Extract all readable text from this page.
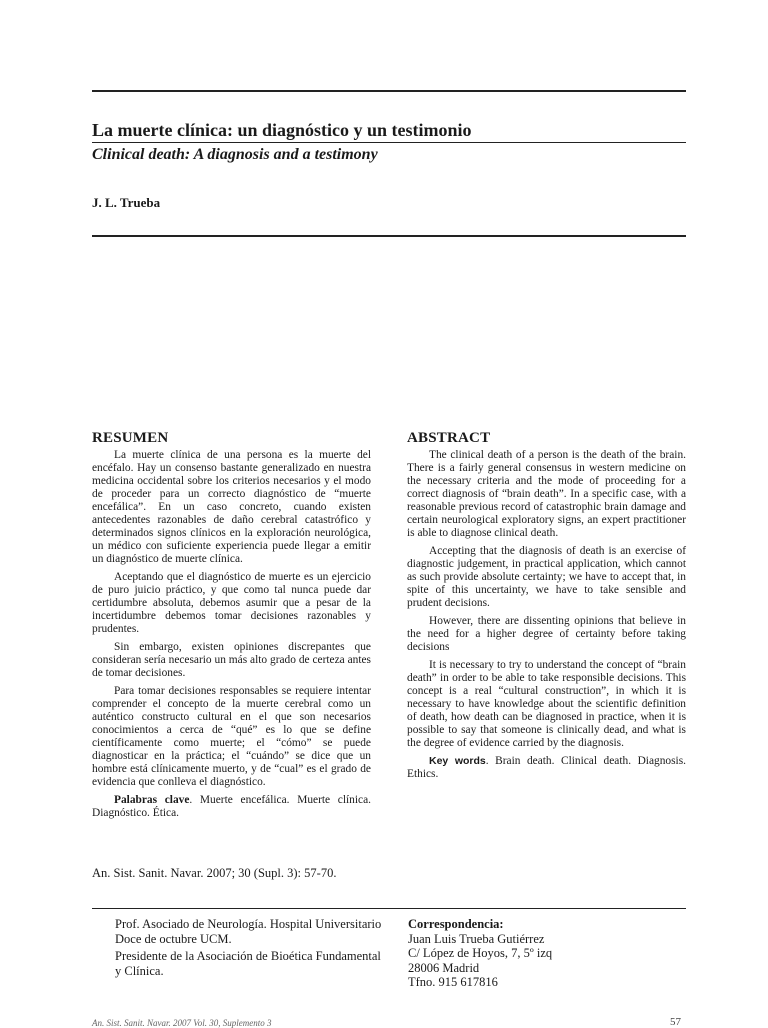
La muerte clínica: un diagnóstico y un testimonio
Clinical death: A diagnosis and a testimony
J. L. Trueba
RESUMEN

La muerte clínica de una persona es la muerte del encéfalo. Hay un consenso bastante generalizado en nuestra medicina occidental sobre los criterios necesarios y el modo de proceder para un correcto diagnóstico de “muerte encefálica”. En un caso concreto, cuando existen antecedentes razonables de daño cerebral catastrófico y determinados signos clínicos en la exploración neurológica, un médico con suficiente experiencia puede llegar a emitir un diagnóstico de muerte clínica.

Aceptando que el diagnóstico de muerte es un ejercicio de puro juicio práctico, y que como tal nunca puede dar certidumbre absoluta, debemos asumir que a pesar de la incertidumbre debemos tomar decisiones razonables y prudentes.

Sin embargo, existen opiniones discrepantes que consideran sería necesario un más alto grado de certeza antes de tomar decisiones.

Para tomar decisiones responsables se requiere intentar comprender el concepto de la muerte cerebral como un auténtico constructo cultural en el que son necesarios conocimientos a cerca de “qué” es lo que se define científicamente como muerte; el “cómo” se puede diagnosticar en la práctica; el “cuándo” se dice que un hombre está clínicamente muerto, y de “cual” es el grado de evidencia que conlleva el diagnóstico.

Palabras clave. Muerte encefálica. Muerte clínica. Diagnóstico. Ética.

ABSTRACT

The clinical death of a person is the death of the brain. There is a fairly general consensus in western medicine on the necessary criteria and the mode of proceeding for a correct diagnosis of “brain death”. In a specific case, with a reasonable previous record of catastrophic brain damage and certain neurological exploratory signs, an expert practitioner is able to diagnose clinical death.

Accepting that the diagnosis of death is an exercise of diagnostic judgement, in practical application, which cannot as such provide absolute certainty; we have to accept that, in spite of this uncertainty, we have to take sensible and prudent decisions.

However, there are dissenting opinions that believe in the need for a higher degree of certainty before taking decisions

It is necessary to try to understand the concept of “brain death” in order to be able to take responsible decisions. This concept is a real “cultural construction”, in which it is necessary to have knowledge about the scientific definition of death, how death can be diagnosed in practice, when it is possible to say that someone is clinically dead, and what is the degree of evidence carried by the diagnosis.

Key words. Brain death. Clinical death. Diagnosis. Ethics.

An. Sist. Sanit. Navar. 2007; 30 (Supl. 3): 57-70.
Prof. Asociado de Neurología. Hospital Universitario Doce de octubre UCM.
Presidente de la Asociación de Bioética Fundamental y Clínica.
Correspondencia:
Juan Luis Trueba Gutiérrez
C/ López de Hoyos, 7, 5º izq
28006 Madrid
Tfno. 915 617816
An. Sist. Sanit. Navar. 2007 Vol. 30, Suplemento 3	57
